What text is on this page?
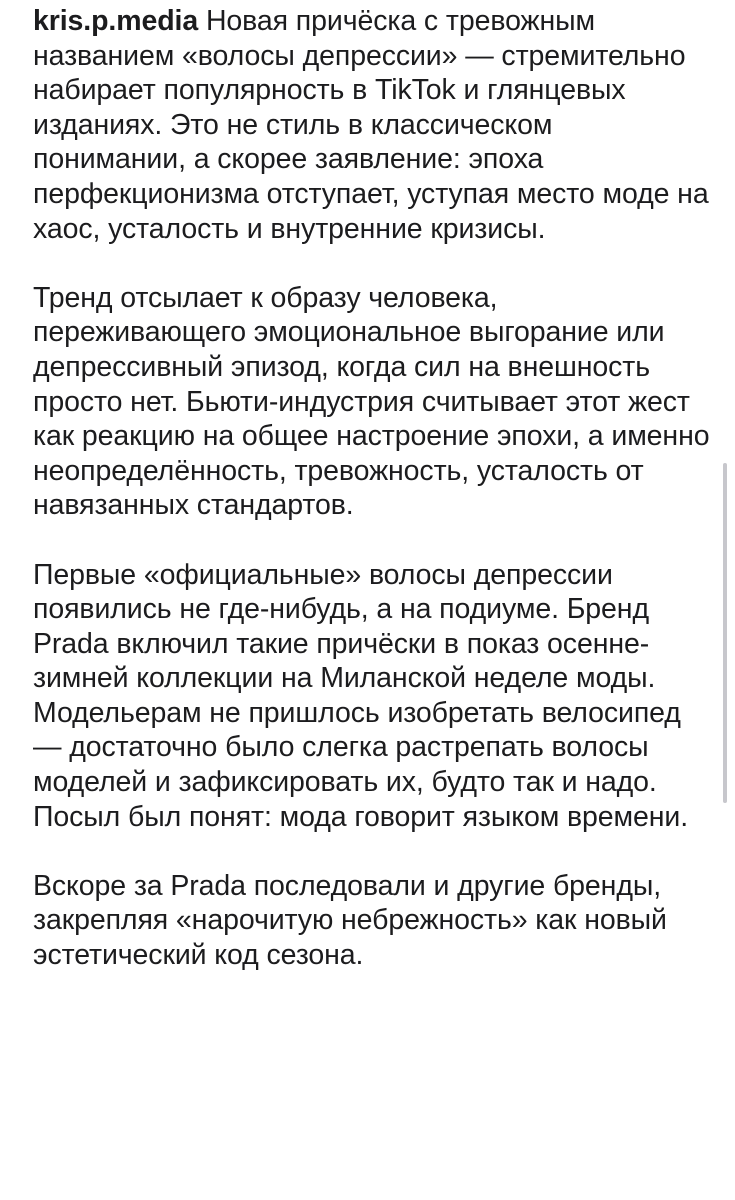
kris.p.media Новая причёска с тревожным названием «волосы депрессии» — стремительно набирает популярность в TikTok и глянцевых изданиях. Это не стиль в классическом понимании, а скорее заявление: эпоха перфекционизма отступает, уступая место моде на хаос, усталость и внутренние кризисы.

Тренд отсылает к образу человека, переживающего эмоциональное выгорание или депрессивный эпизод, когда сил на внешность просто нет. Бьюти-индустрия считывает этот жест как реакцию на общее настроение эпохи, а именно неопределённость, тревожность, усталость от навязанных стандартов.

Первые «официальные» волосы депрессии появились не где-нибудь, а на подиуме. Бренд Prada включил такие причёски в показ осенне-зимней коллекции на Миланской неделе моды. Модельерам не пришлось изобретать велосипед — достаточно было слегка растрепать волосы моделей и зафиксировать их, будто так и надо. Посыл был понят: мода говорит языком времени.

Вскоре за Prada последовали и другие бренды, закрепляя «нарочитую небрежность» как новый эстетический код сезона.
